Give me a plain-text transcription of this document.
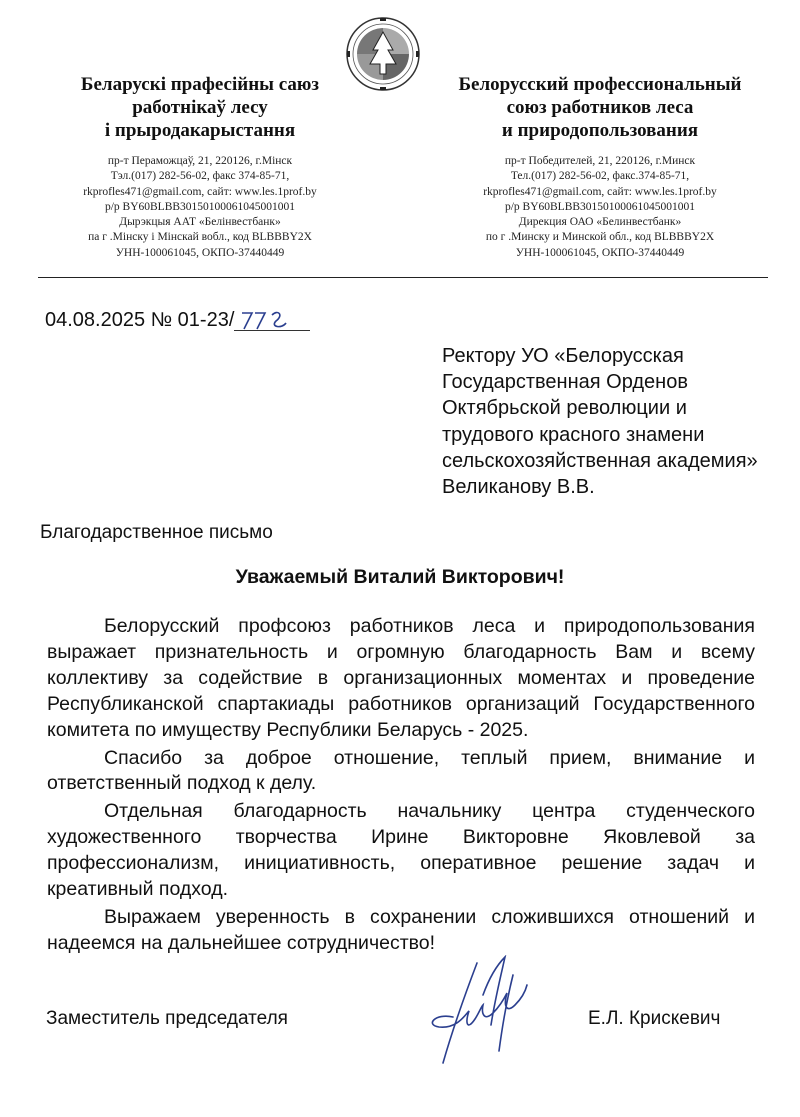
Беларускі прафесійны саюз
работнікаў лесу
і прыродакарыстання
пр-т Пераможцаў, 21, 220126, г.Мінск
Тэл.(017) 282-56-02, факс 374-85-71,
rkprofles471@gmail.com, сайт: www.les.1prof.by
р/р BY60BLBB30150100061045001001
Дырэкцыя ААТ «Белінвестбанк»
па г .Мінску і Мінскай вобл., код BLBBBY2X
УНН-100061045, ОКПО-37440449
Белорусский профессиональный
союз работников леса
и природопользования
пр-т Победителей, 21, 220126, г.Минск
Тел.(017) 282-56-02, факс.374-85-71,
rkprofles471@gmail.com, сайт: www.les.1prof.by
р/р BY60BLBB30150100061045001001
Дирекция ОАО «Белинвестбанк»
по г .Минску и Минской обл., код BLBBBY2X
УНН-100061045, ОКПО-37440449
04.08.2025 № 01-23/
Ректору УО «Белорусская
Государственная Орденов
Октябрьской революции и
трудового красного знамени
сельскохозяйственная академия»
Великанову В.В.
Благодарственное письмо
Уважаемый Виталий Викторович!

Белорусский профсоюз работников леса и природопользования выражает признательность и огромную благодарность Вам и всему коллективу за содействие в организационных моментах и проведение Республиканской спартакиады работников организаций Государственного комитета по имуществу Республики Беларусь - 2025.

Спасибо за доброе отношение, теплый прием, внимание и ответственный подход к делу.

Отдельная благодарность начальнику центра студенческого художественного творчества Ирине Викторовне Яковлевой за профессионализм, инициативность, оперативное решение задач и креативный подход.

Выражаем уверенность в сохранении сложившихся отношений и надеемся на дальнейшее сотрудничество!

Заместитель председателя	Е.Л. Крискевич
